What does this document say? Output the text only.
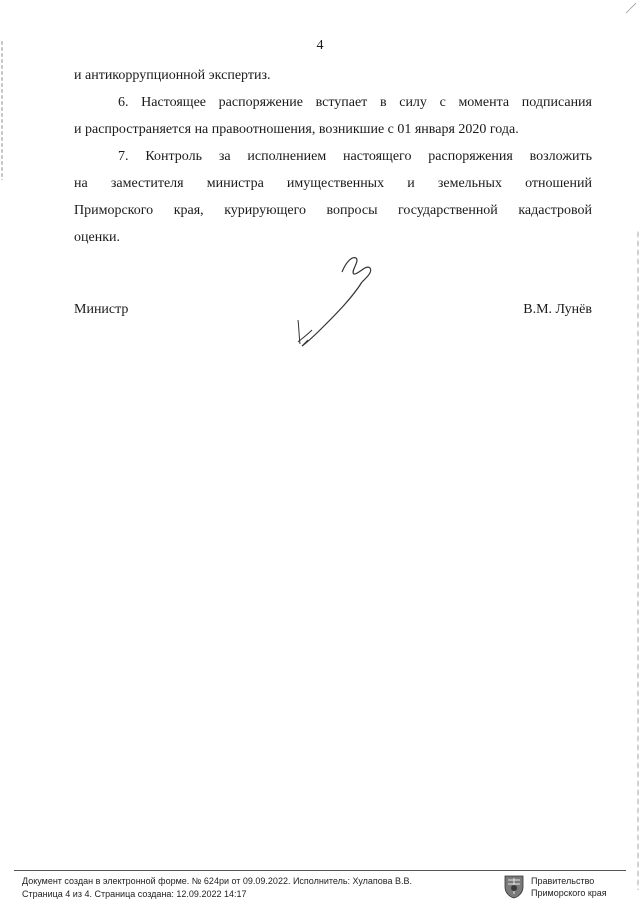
4
и антикоррупционной экспертиз.
6. Настоящее распоряжение вступает в силу с момента подписания
и распространяется на правоотношения, возникшие с 01 января 2020 года.
7. Контроль за исполнением настоящего распоряжения возложить
на заместителя министра имущественных и земельных отношений
Приморского края, курирующего вопросы государственной кадастровой
оценки.
Министр	В.М. Лунёв
Документ создан в электронной форме. № 624ри от 09.09.2022. Исполнитель: Хулапова В.В.
Страница 4 из 4. Страница создана: 12.09.2022 14:17
Правительство
Приморского края
